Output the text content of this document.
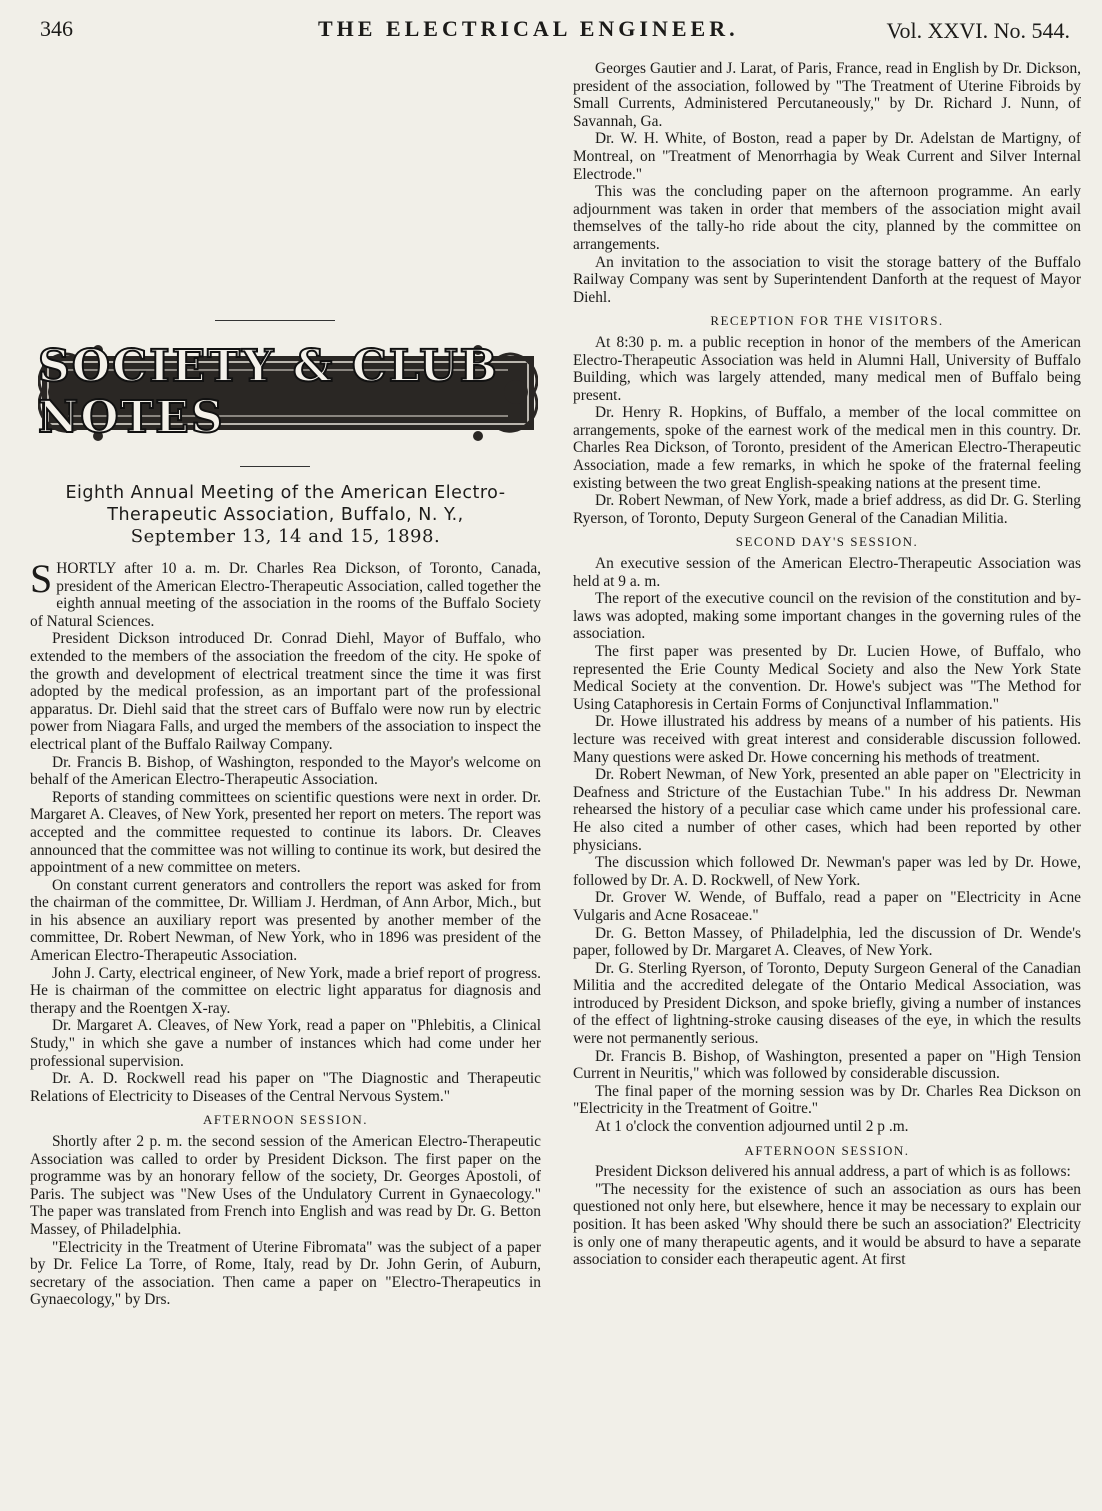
346	THE ELECTRICAL ENGINEER.	Vol. XXVI. No. 544.
SOCIETY & CLUB NOTES
Eighth Annual Meeting of the American Electro-
Therapeutic Association, Buffalo, N. Y.,
September 13, 14 and 15, 1898.

SHORTLY after 10 a. m. Dr. Charles Rea Dickson, of Toronto, Canada, president of the American Electro-Therapeutic Association, called together the eighth annual meeting of the association in the rooms of the Buffalo Society of Natural Sciences.

President Dickson introduced Dr. Conrad Diehl, Mayor of Buffalo, who extended to the members of the association the freedom of the city. He spoke of the growth and development of electrical treatment since the time it was first adopted by the medical profession, as an important part of the professional apparatus. Dr. Diehl said that the street cars of Buffalo were now run by electric power from Niagara Falls, and urged the members of the association to inspect the electrical plant of the Buffalo Railway Company.

Dr. Francis B. Bishop, of Washington, responded to the Mayor's welcome on behalf of the American Electro-Therapeutic Association.

Reports of standing committees on scientific questions were next in order. Dr. Margaret A. Cleaves, of New York, presented her report on meters. The report was accepted and the committee requested to continue its labors. Dr. Cleaves announced that the committee was not willing to continue its work, but desired the appointment of a new committee on meters.

On constant current generators and controllers the report was asked for from the chairman of the committee, Dr. William J. Herdman, of Ann Arbor, Mich., but in his absence an auxiliary report was presented by another member of the committee, Dr. Robert Newman, of New York, who in 1896 was president of the American Electro-Therapeutic Association.

John J. Carty, electrical engineer, of New York, made a brief report of progress. He is chairman of the committee on electric light apparatus for diagnosis and therapy and the Roentgen X-ray.

Dr. Margaret A. Cleaves, of New York, read a paper on "Phlebitis, a Clinical Study," in which she gave a number of instances which had come under her professional supervision.

Dr. A. D. Rockwell read his paper on "The Diagnostic and Therapeutic Relations of Electricity to Diseases of the Central Nervous System."

AFTERNOON SESSION.

Shortly after 2 p. m. the second session of the American Electro-Therapeutic Association was called to order by President Dickson. The first paper on the programme was by an honorary fellow of the society, Dr. Georges Apostoli, of Paris. The subject was "New Uses of the Undulatory Current in Gynaecology." The paper was translated from French into English and was read by Dr. G. Betton Massey, of Philadelphia.

"Electricity in the Treatment of Uterine Fibromata" was the subject of a paper by Dr. Felice La Torre, of Rome, Italy, read by Dr. John Gerin, of Auburn, secretary of the association. Then came a paper on "Electro-Therapeutics in Gynaecology," by Drs.

Georges Gautier and J. Larat, of Paris, France, read in English by Dr. Dickson, president of the association, followed by "The Treatment of Uterine Fibroids by Small Currents, Administered Percutaneously," by Dr. Richard J. Nunn, of Savannah, Ga.

Dr. W. H. White, of Boston, read a paper by Dr. Adelstan de Martigny, of Montreal, on "Treatment of Menorrhagia by Weak Current and Silver Internal Electrode."

This was the concluding paper on the afternoon programme. An early adjournment was taken in order that members of the association might avail themselves of the tally-ho ride about the city, planned by the committee on arrangements.

An invitation to the association to visit the storage battery of the Buffalo Railway Company was sent by Superintendent Danforth at the request of Mayor Diehl.

RECEPTION FOR THE VISITORS.

At 8:30 p. m. a public reception in honor of the members of the American Electro-Therapeutic Association was held in Alumni Hall, University of Buffalo Building, which was largely attended, many medical men of Buffalo being present.

Dr. Henry R. Hopkins, of Buffalo, a member of the local committee on arrangements, spoke of the earnest work of the medical men in this country. Dr. Charles Rea Dickson, of Toronto, president of the American Electro-Therapeutic Association, made a few remarks, in which he spoke of the fraternal feeling existing between the two great English-speaking nations at the present time.

Dr. Robert Newman, of New York, made a brief address, as did Dr. G. Sterling Ryerson, of Toronto, Deputy Surgeon General of the Canadian Militia.

SECOND DAY'S SESSION.

An executive session of the American Electro-Therapeutic Association was held at 9 a. m.

The report of the executive council on the revision of the constitution and by-laws was adopted, making some important changes in the governing rules of the association.

The first paper was presented by Dr. Lucien Howe, of Buffalo, who represented the Erie County Medical Society and also the New York State Medical Society at the convention. Dr. Howe's subject was "The Method for Using Cataphoresis in Certain Forms of Conjunctival Inflammation."

Dr. Howe illustrated his address by means of a number of his patients. His lecture was received with great interest and considerable discussion followed. Many questions were asked Dr. Howe concerning his methods of treatment.

Dr. Robert Newman, of New York, presented an able paper on "Electricity in Deafness and Stricture of the Eustachian Tube." In his address Dr. Newman rehearsed the history of a peculiar case which came under his professional care. He also cited a number of other cases, which had been reported by other physicians.

The discussion which followed Dr. Newman's paper was led by Dr. Howe, followed by Dr. A. D. Rockwell, of New York.

Dr. Grover W. Wende, of Buffalo, read a paper on "Electricity in Acne Vulgaris and Acne Rosaceae."

Dr. G. Betton Massey, of Philadelphia, led the discussion of Dr. Wende's paper, followed by Dr. Margaret A. Cleaves, of New York.

Dr. G. Sterling Ryerson, of Toronto, Deputy Surgeon General of the Canadian Militia and the accredited delegate of the Ontario Medical Association, was introduced by President Dickson, and spoke briefly, giving a number of instances of the effect of lightning-stroke causing diseases of the eye, in which the results were not permanently serious.

Dr. Francis B. Bishop, of Washington, presented a paper on "High Tension Current in Neuritis," which was followed by considerable discussion.

The final paper of the morning session was by Dr. Charles Rea Dickson on "Electricity in the Treatment of Goitre."

At 1 o'clock the convention adjourned until 2 p .m.

AFTERNOON SESSION.

President Dickson delivered his annual address, a part of which is as follows:

"The necessity for the existence of such an association as ours has been questioned not only here, but elsewhere, hence it may be necessary to explain our position. It has been asked 'Why should there be such an association?' Electricity is only one of many therapeutic agents, and it would be absurd to have a separate association to consider each therapeutic agent. At first
